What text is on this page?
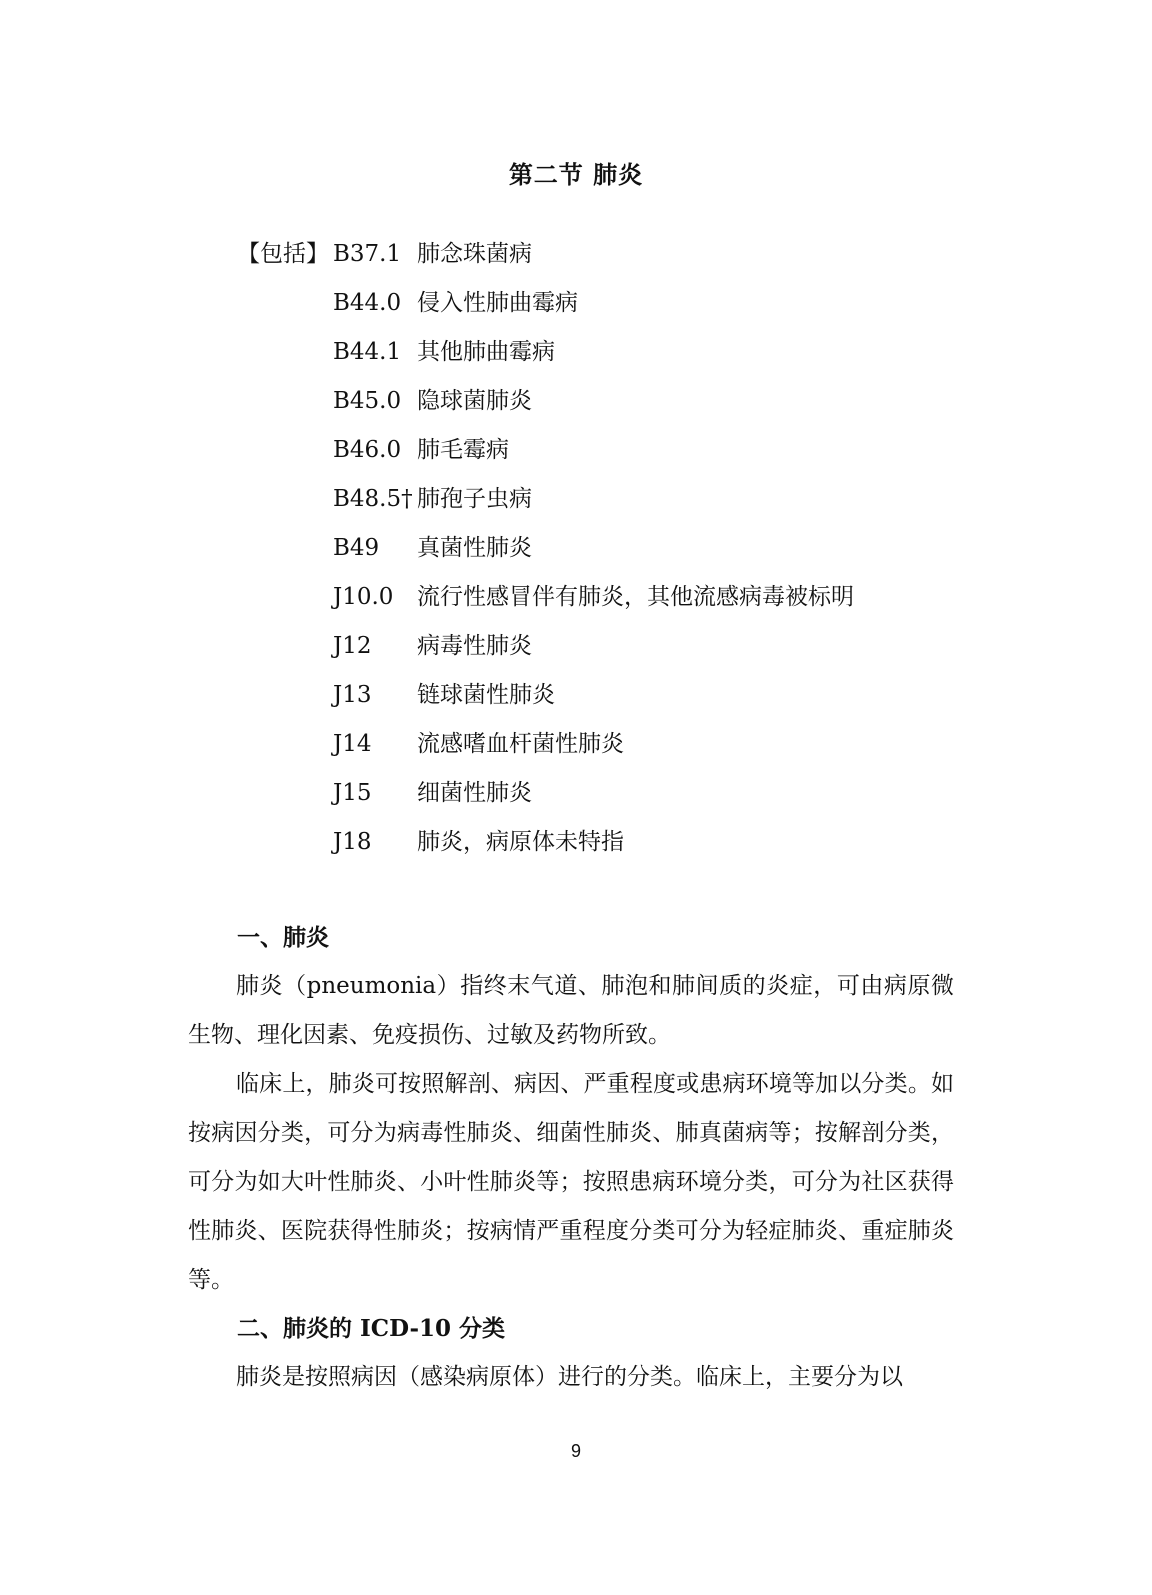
第二节 肺炎
【包括】 B37.1 肺念珠菌病
B44.0 侵入性肺曲霉病
B44.1 其他肺曲霉病
B45.0 隐球菌肺炎
B46.0 肺毛霉病
B48.5† 肺孢子虫病
B49 真菌性肺炎
J10.0 流行性感冒伴有肺炎，其他流感病毒被标明
J12 病毒性肺炎
J13 链球菌性肺炎
J14 流感嗜血杆菌性肺炎
J15 细菌性肺炎
J18 肺炎，病原体未特指
一、肺炎

肺炎（pneumonia）指终末气道、肺泡和肺间质的炎症，可由病原微生物、理化因素、免疫损伤、过敏及药物所致。

临床上，肺炎可按照解剖、病因、严重程度或患病环境等加以分类。如按病因分类，可分为病毒性肺炎、细菌性肺炎、肺真菌病等；按解剖分类，可分为如大叶性肺炎、小叶性肺炎等；按照患病环境分类，可分为社区获得性肺炎、医院获得性肺炎；按病情严重程度分类可分为轻症肺炎、重症肺炎等。

二、肺炎的 ICD-10 分类

肺炎是按照病因（感染病原体）进行的分类。临床上，主要分为以

9
